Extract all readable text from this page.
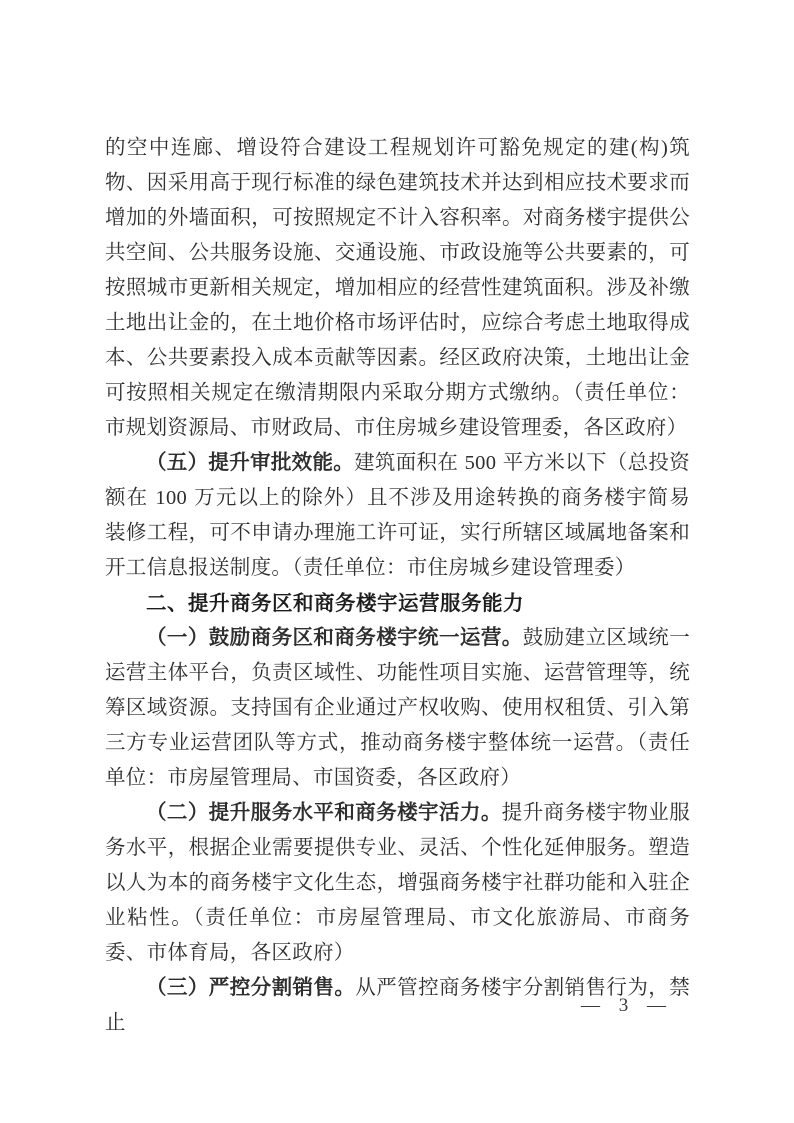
的空中连廊、增设符合建设工程规划许可豁免规定的建(构)筑物、因采用高于现行标准的绿色建筑技术并达到相应技术要求而增加的外墙面积，可按照规定不计入容积率。对商务楼宇提供公共空间、公共服务设施、交通设施、市政设施等公共要素的，可按照城市更新相关规定，增加相应的经营性建筑面积。涉及补缴土地出让金的，在土地价格市场评估时，应综合考虑土地取得成本、公共要素投入成本贡献等因素。经区政府决策，土地出让金可按照相关规定在缴清期限内采取分期方式缴纳。（责任单位：市规划资源局、市财政局、市住房城乡建设管理委，各区政府）

（五）提升审批效能。建筑面积在 500 平方米以下（总投资额在 100 万元以上的除外）且不涉及用途转换的商务楼宇简易装修工程，可不申请办理施工许可证，实行所辖区域属地备案和开工信息报送制度。（责任单位：市住房城乡建设管理委）

二、提升商务区和商务楼宇运营服务能力

（一）鼓励商务区和商务楼宇统一运营。鼓励建立区域统一运营主体平台，负责区域性、功能性项目实施、运营管理等，统筹区域资源。支持国有企业通过产权收购、使用权租赁、引入第三方专业运营团队等方式，推动商务楼宇整体统一运营。（责任单位：市房屋管理局、市国资委，各区政府）

（二）提升服务水平和商务楼宇活力。提升商务楼宇物业服务水平，根据企业需要提供专业、灵活、个性化延伸服务。塑造以人为本的商务楼宇文化生态，增强商务楼宇社群功能和入驻企业粘性。（责任单位：市房屋管理局、市文化旅游局、市商务委、市体育局，各区政府）

（三）严控分割销售。从严管控商务楼宇分割销售行为，禁止

— 3 —
